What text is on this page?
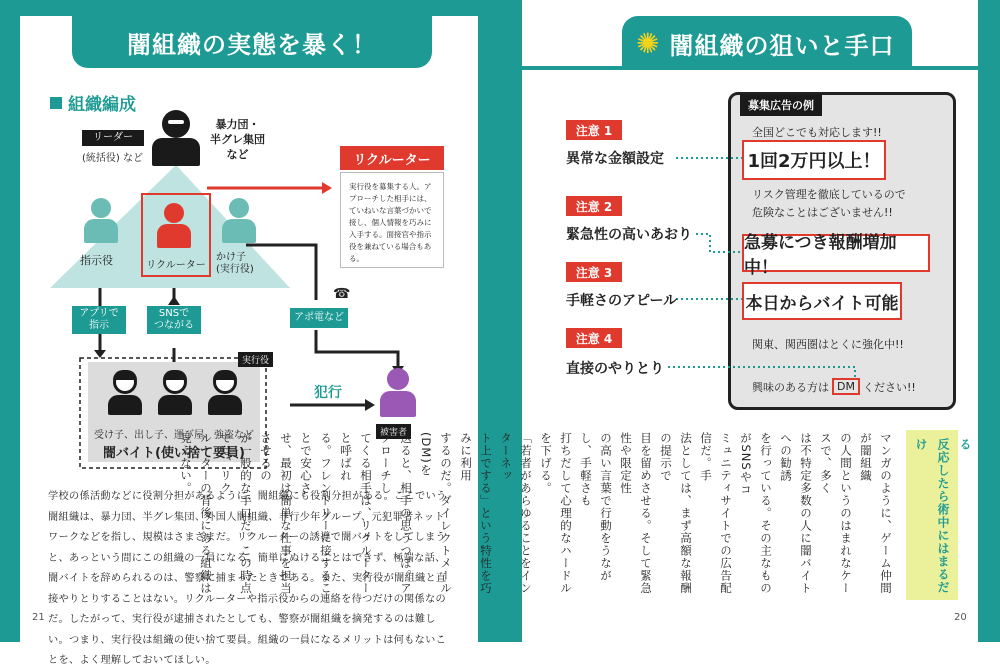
闇組織の実態を暴く！
組織編成
リーダー
(統括役) など
暴力団・
半グレ集団
など
指示役	リクルーター
かけ子
(実行役)
リクルーター
実行役を募集する人。アプローチした相手には、ていねいな言葉づかいで接し、個人情報を巧みに入手する。面接官や指示役を兼ねている場合もある。
アプリで
指示
SNSで
つながる
アポ電など
☎
実行役
受け子、出し子、運び屋、強盗など
闇バイト(使い捨て要員)
犯行
被害者
学校の係活動などに役割分担があるように、闇組織にも役割分担がある。ここでいう闇組織は、暴力団、半グレ集団、外国人闇組織、非行少年グループ、元犯罪者ネットワークなどを指し、規模はさまざまだ。リクルーターの誘導で闇バイトをしてしまうと、あっという間にこの組織の一員になる。簡単にぬけることはできず、極端な話、闇バイトを辞められるのは、警察に捕まったときである。また、実行役が闇組織と直接やりとりすることはない。リクルーターや指示役からの連絡を待つだけの関係なのだ。したがって、実行役が逮捕されたとしても、警察が闇組織を摘発するのは難しい。つまり、実行役は組織の使い捨て要員。組織の一員になるメリットは何もないことを、よく理解しておいてほしい。
21
✺ 闇組織の狙いと手口
募集広告の例
全国どこでも対応します!!
1回2万円以上！
リスク管理を徹底しているので
危険なことはございません!!
急募につき報酬増加中！
本日からバイト可能
関東、関西圏はとくに強化中!!
興味のある方は DM ください!!
注意 1
異常な金額設定
注意 2
緊急性の高いあおり
注意 3
手軽さのアピール
注意 4
直接のやりとり
SNSでトラップを仕掛ける
反応したら術中にはまるだけ
マンガのように、ゲーム仲間が闇組織
の人間というのはまれなケースで、多く
は不特定多数の人に闇バイトへの勧誘
を行っている。その主なものがSNSやコ
ミュニティサイトでの広告配信だ。手
法としては、まず高額な報酬の提示で
目を留めさせる。そして緊急性や限定性
の高い言葉で行動をうながし、手軽さも
打ちだして心理的なハードルを下げる。
「若者があらゆることをインターネッ
ト上でする」という特性を巧みに利用
するのだ。ダイレクトメール(DM)を
送ると、相手の思うつぼ。アプローチし
てくる相手は、リクルーターと呼ばれ
る。フレンドリーに接することで安心さ
せ、最初は簡単な仕事を担当させるの
が一般的な手口だ。この時点では、リク
ルーターの背後にある組織は見えない。
20
